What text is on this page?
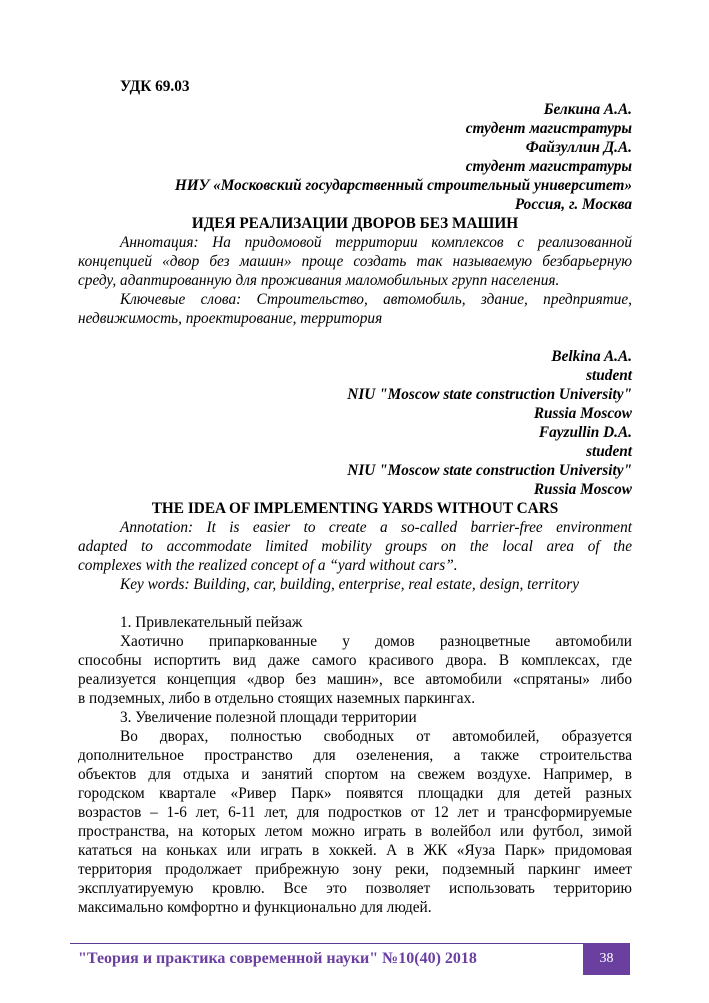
УДК 69.03
Белкина А.А.
студент магистратуры
Файзуллин Д.А.
студент магистратуры
НИУ «Московский государственный строительный университет»
Россия, г. Москва
ИДЕЯ РЕАЛИЗАЦИИ ДВОРОВ БЕЗ МАШИН
Аннотация: На придомовой территории комплексов с реализованной
концепцией «двор без машин» проще создать так называемую безбарьерную
среду, адаптированную для проживания маломобильных групп населения.
Ключевые слова: Строительство, автомобиль, здание, предприятие,
недвижимость, проектирование, территория
Belkina A.A.
student
NIU "Moscow state construction University"
Russia Moscow
Fayzullin D.A.
student
NIU "Moscow state construction University"
Russia Moscow
THE IDEA OF IMPLEMENTING YARDS WITHOUT CARS
Annotation: It is easier to create a so-called barrier-free environment
adapted to accommodate limited mobility groups on the local area of the
complexes with the realized concept of a “yard without cars”.
Key words: Building, car, building, enterprise, real estate, design, territory
1. Привлекательный пейзаж
Хаотично припаркованные у домов разноцветные автомобили
способны испортить вид даже самого красивого двора. В комплексах, где
реализуется концепция «двор без машин», все автомобили «спрятаны» либо
в подземных, либо в отдельно стоящих наземных паркингах.
3. Увеличение полезной площади территории
Во дворах, полностью свободных от автомобилей, образуется
дополнительное пространство для озеленения, а также строительства
объектов для отдыха и занятий спортом на свежем воздухе. Например, в
городском квартале «Ривер Парк» появятся площадки для детей разных
возрастов – 1-6 лет, 6-11 лет, для подростков от 12 лет и трансформируемые
пространства, на которых летом можно играть в волейбол или футбол, зимой
кататься на коньках или играть в хоккей. А в ЖК «Яуза Парк» придомовая
территория продолжает прибрежную зону реки, подземный паркинг имеет
эксплуатируемую кровлю. Все это позволяет использовать территорию
максимально комфортно и функционально для людей.
"Теория и практика современной науки" №10(40) 2018	38
